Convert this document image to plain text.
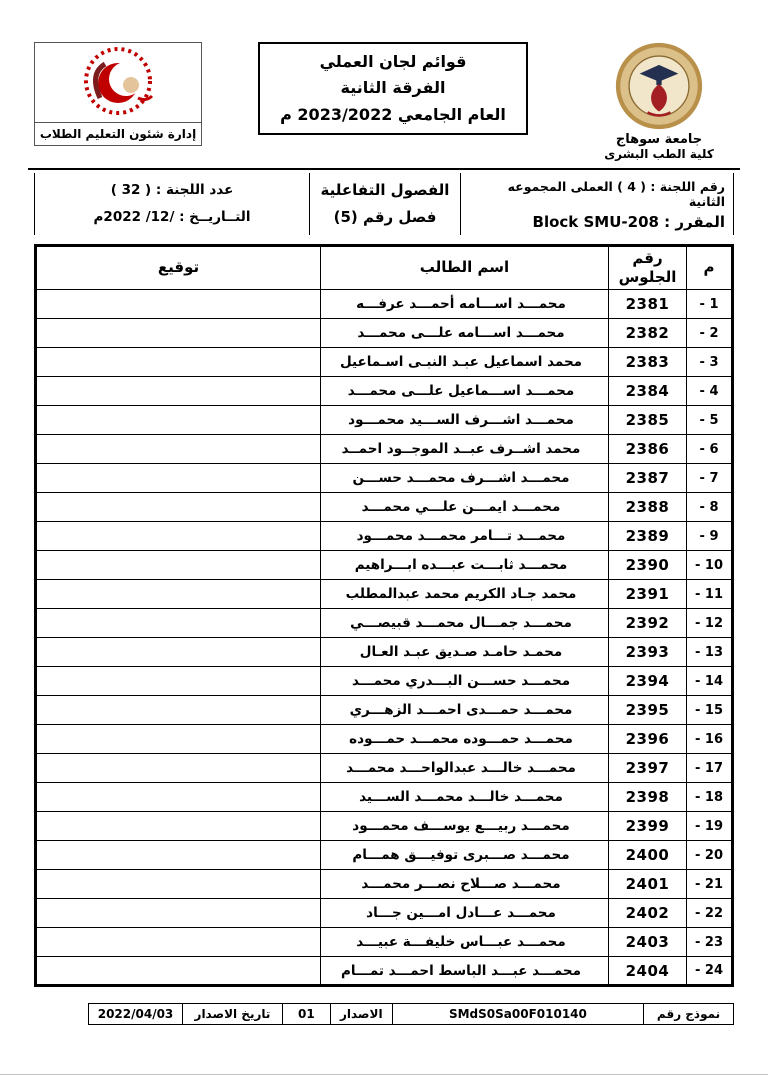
جامعة سوهاج
كلية الطب البشرى
قوائم لجان العملي
الفرقة الثانية
العام الجامعي 2023/2022 م
إدارة شئون التعليم الطلاب
رقم اللجنة : ( 4 ) العملى المجموعه الثانية
المقرر : Block SMU-208
الفصول التفاعلية
فصل رقم (5)
عدد اللجنة : ( 32 )
التــاريــخ : /12/ 2022م
م	رقم الجلوس	اسم الطالب	توقيع
1 -	2381	محمـــد اســـامه أحمـــد عرفـــه	
2 -	2382	محمـــد اســـامه علـــى محمـــد	
3 -	2383	محمد اسماعيل عبـد النبـى اسـماعيل	
4 -	2384	محمـــد اســـماعيل علـــى محمـــد	
5 -	2385	محمـــد اشـــرف الســـيد محمـــود	
6 -	2386	محمد اشــرف عبــد الموجــود احمــد	
7 -	2387	محمـــد اشـــرف محمـــد حســـن	
8 -	2388	محمـــد ايمـــن علـــي محمـــد	
9 -	2389	محمـــد تـــامر محمـــد محمـــود	
10 -	2390	محمـــد ثابـــت عبـــده ابـــراهيم	
11 -	2391	محمد جـاد الكريم محمد عبدالمطلب	
12 -	2392	محمـــد جمـــال محمـــد قبيصـــي	
13 -	2393	محمـد حامـد صـديق عبـد العـال	
14 -	2394	محمـــد حســـن البـــدري محمـــد	
15 -	2395	محمـــد حمـــدى احمـــد الزهـــري	
16 -	2396	محمـــد حمـــوده محمـــد حمـــوده	
17 -	2397	محمـــد خالـــد عبدالواحـــد محمـــد	
18 -	2398	محمـــد خالـــد محمـــد الســـيد	
19 -	2399	محمـــد ربيـــع يوســـف محمـــود	
20 -	2400	محمـــد صـــبرى توفيـــق همـــام	
21 -	2401	محمـــد صـــلاح نصـــر محمـــد	
22 -	2402	محمـــد عـــادل امـــين جـــاد	
23 -	2403	محمـــد عبـــاس خليفـــة عبيـــد	
24 -	2404	محمـــد عبـــد الباسط احمـــد تمـــام	
نموذج رقم	SMdS0Sa00F010140	الاصدار	01	تاريخ الاصدار	2022/04/03
